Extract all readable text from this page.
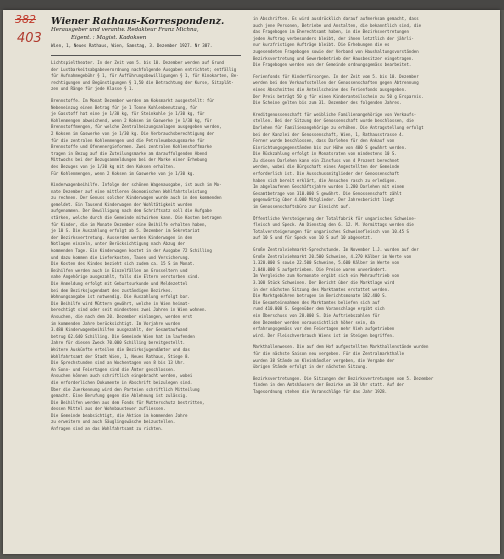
382
403
Wiener Rathaus-Korrespondenz.
Herausgeber und verantw. Redakteur Franz Michna,
Eigent. : Magist. Kadoksen
Wien, 1, Neues Rathaus, Wien, Samstag, 3. Dezember 1927. Nr 387.
Lichtspieltheater. In der Zeit vom 5. bis 10. Dezember werden auf Grund
der Lustbarkeitsabgabeverordnung nachfolgende Ausgaben entrichtet; entfällig
für Aufnahmegebühr § 1, für Aufführungsbewilligungen § 1, für Kinokarten, Be-
rechtigungen und Begünstigungen § 1,50 die Betrachtung der Kurse, Sitzplät-
zen und Ränge für jede Klasse § 1.
Brennstoffe. Im Monat Dezember werden am Koksmarkt ausgestellt: für
Nebeneinzug einen Betrag für je 1 Tonne Kohlenbenutzung, für
je Gasstoff hat eine je 1/30 kg, für Steinkohle je 1/30 kg, für
Kohlenmengen abweichend, wenn 2 Koksen im Gaswerke je 1/30 kg, für
Brennstoffmengen, für welche Zentralheizungsanlagen ausgegeben werden,
2 Koksen im Gaswerke von je 1/30 kg. Die Verbrauchsberechtigung der
für die zentralen Kohlenmengen und die Petroleumbezugsmarke für
Brennstoffe und Ofenenergieformen. Zwei zentralen Kohlenstoffmarke
tragen in Bezug auf die Zuteilungsmarke am darauffolgenden Abend
Mittwochs bei der Bezugsanmeldungen bei der Marke einer Erhebung
des Bezuges von je 1/30 kg mit den Koksen erhalten.
Für Kohlenmengen, wenn 2 Koksen im Gaswerke von je 1/30 kg.
Kinderwagenbeihilfe. Infolge der schönen Wagenausgabe, ist auch im Mo-
nate Dezember auf eine mittleren ökonomischen Wohlfahrtsleistung
zu rechnen. Der Genuss solcher Kinderwagen wurde auch in den kommenden
gemeldet. Ein Tausend Kinderwagen der Wohltätigkeit wurden
aufgenommen. Der Bewilligung nach dem Schriftsatz soll die Aufgabe
stärken, welche durch die Gemeinde mitwirken kann. Die Kosten betragen
für Kinder, die im Monate Dezember eine Beihilfe erhalten haben,
je 10 S. Die Auszahlung erfolgt ab 5. Dezember im Sekretariat
der Bezirksvertretung. Ausserdem werden Kinderwagen in den
Notlagen einzeln, unter Berücksichtigung nach Abzug der
kommenden Tage. Ein Kinderwagen kostet in der Ausgabe 72 Schilling
und dazu kommen die Lieferkosten, Taxen und Versicherung.
Die Kosten des Kindes bezieht sich zudem ca. 15 S im Monat.
Beihilfen werden auch in Einzelfällen an Grosseltern und
nahe Angehörige ausgezahlt, falls die Eltern verstorben sind.
Die Anmeldung erfolgt mit Geburtsurkunde und Meldezettel
bei dem Bezirksjugendamt des zuständigen Bezirkes.
Wohnungsangabe ist notwendig. Die Auszahlung erfolgt bar.
Die Beihilfe wird Müttern gewährt, welche in Wien heimat-
berechtigt sind oder seit mindestens zwei Jahren in Wien wohnen.
Ansuchen, die nach dem 20. Dezember einlangen, werden erst
im kommenden Jahre berücksichtigt. Im Vorjahre wurden
3.480 Kinderwagenbeihilfen ausgezahlt, der Gesamtaufwand
betrug 62.640 Schilling. Die Gemeinde Wien hat im laufenden
Jahre für diesen Zweck 70.000 Schilling bereitgestellt.
Weitere Auskünfte erteilen die Bezirksjugendämter und das
Wohlfahrtsamt der Stadt Wien, 1, Neues Rathaus, Stiege 8.
Die Sprechstunden sind an Wochentagen von 8 bis 13 Uhr.
An Sonn- und Feiertagen sind die Ämter geschlossen.
Ansuchen können auch schriftlich eingebracht werden, wobei
die erforderlichen Dokumente in Abschrift beizulegen sind.
Über die Zuerkennung wird den Parteien schriftlich Mitteilung
gemacht. Eine Berufung gegen die Ablehnung ist zulässig.
Die Beihilfen werden aus dem Fonds für Mutterschutz bestritten,
dessen Mittel aus der Wohnbausteuer zufliessen.
Die Gemeinde beabsichtigt, die Aktion im kommenden Jahre
zu erweitern und auch Säuglingswäsche beizustellen.
Anfragen sind an das Wohlfahrtsamt zu richten.
in Abschriften. Es wird ausdrücklich darauf aufmerksam gemacht, dass
auch jene Personen, Betriebe und Anstalten, die bekanntlich sind, die
das Fragebogen im Eherechtsamt haben, in die Bezirksvertretungen
jeden Auftrag verbesonders bleibt, der ihnen letztlich der jährli-
nur kurzfristigen Aufträge bleibt. Die Erhebungen die es
zugesendeten Fragebogen sowie der Verband von Haushaltungsvorständen
Bezirksvertretung und Gewerbebetrieb der Hausbesitzer eingetragen.
Die Fragebogen werden von der Gemeinde ordnungsgemäss bearbeitet.
Ferienfonds für Kinderfürsorgen. In der Zeit vom 5. bis 10. Dezember
werden bei den Verkaufsstellen der Genossenschaften gegen Abtrennung
eines Abschnittes die Anteilscheine des Ferienfonds ausgegeben.
Der Preis beträgt 50 g für einen Kinderanteilschein zu 50 g Ersparnis.
Die Scheine gelten bis zum 31. Dezember des folgenden Jahres.
Kreditgenossenschaft für weibliche Familienangehörige von Verkaufs-
stellen. Bei der Sitzung der Genossenschaft wurde beschlossen, die
Darlehen für Familienangehörige zu erhöhen. Die Antragstellung erfolgt
bei der Kanzlei der Genossenschaft, Wien, 1, Rathausstrasse 4.
Ferner wurde beschlossen, dass Darlehen für den Ankauf von
Einrichtungsgegenständen bis zur Höhe von 400 S gewährt werden.
Die Rückzahlung erfolgt in Monatsraten von mindestens 10 S.
Zu diesen Darlehen kann ein Zinsfuss von 4 Prozent berechnet
werden, wobei die Bürgschaft eines Angestellten der Gemeinde
erforderlich ist. Die Ausschussmitglieder der Genossenschaft
haben sich bereit erklärt, die Ansuchen rasch zu erledigen.
Im abgelaufenen Geschäftsjahre wurden 1.280 Darlehen mit einem
Gesamtbetrage von 310.000 S gewährt. Die Genossenschaft zählt
gegenwärtig über 4.000 Mitglieder. Der Jahresbericht liegt
im Genossenschaftsbüro zur Einsicht auf.
Öffentliche Versteigerung der Totalfabrik für ungarisches Schweine-
fleisch und Speck. Am Dienstag den 6. 12. M. Vormittags werden die
Totalversteigerungen für ungarisches Schweinefleisch von 10.45 S
auf 10 S und für Speck von 10 S auf 10 abgesetzt.
Große Zentralviehmarkt-Sprechstunde. Im November 1.J. wurden auf der
Große Zentralviehmarkt 20.500 Schweine, 4.270 Kälber im Werte von
1.320.000 S sowie 22.500 Schweine, 5.600 Kälber im Werte von
2.040.000 S aufgetrieben. Die Preise waren unverändert.
Im Vergleiche zum Vormonate ergibt sich ein Mehrauftrieb von
3.100 Stück Schweinen. Der Bericht über die Marktlage wird
in der nächsten Sitzung des Marktamtes erstattet werden.
Die Marktgebühren betrugen im Berichtsmonate 182.400 S.
Die Gesamteinnahmen des Marktamtes beliefen sich auf
rund 410.000 S. Gegenüber dem Voranschlage ergibt sich
ein Überschuss von 28.000 S. Die Auftriebszahlen für
den Dezember werden voraussichtlich höher sein, da
erfahrungsgemäss vor den Feiertagen mehr Vieh aufgetrieben
wird. Der Fleischverbrauch Wiens ist im Steigen begriffen.
Markthallenwesen. Die auf dem Hof aufgestellten Markthallenstände wurden
für die nächste Saison neu vergeben. Für die Zentralmarkthalle
wurden 38 Stände an Kleinhändler vergeben, die Vergabe der
übrigen Stände erfolgt in der nächsten Sitzung.
Bezirksvertretungen. Die Sitzungen der Bezirksvertretungen vom 5. Dezember
finden in den Amtshäusern der Bezirke um 18 Uhr statt. Auf der
Tagesordnung stehen die Voranschläge für das Jahr 1928.
